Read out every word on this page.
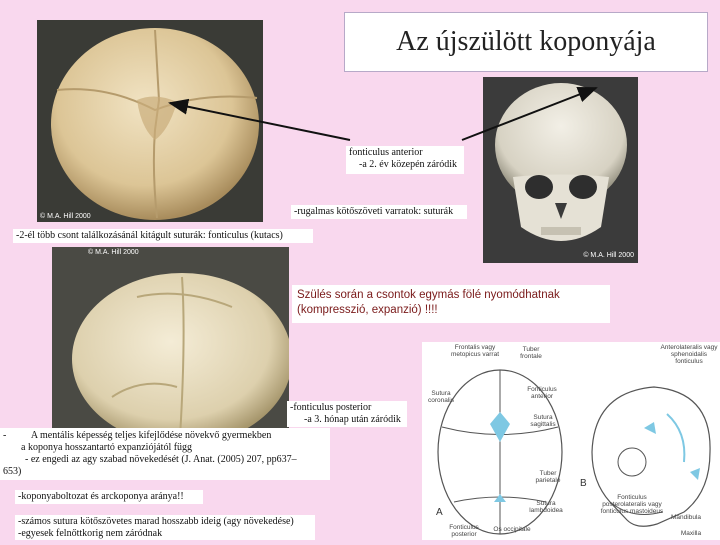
Az újszülött koponyája
© M.A. Hill 2000
© M.A. Hill 2000
© M.A. Hill 2000
fonticulus anterior
-a 2. év közepén záródik
-rugalmas kötőszöveti varratok: suturák
-2-él több csont találkozásánál kitágult suturák: fonticulus (kutacs)
Szülés során a csontok egymás fölé nyomódhatnak
(kompresszió, expanzió) !!!!
-fonticulus posterior
-a 3. hónap után záródik
- A mentális képesség teljes kifejlődése növekvő gyermekben
a koponya hosszantartó expanziójától függ
- ez engedi az agy szabad növekedését (J. Anat. (2005) 207, pp637–
653)
-koponyaboltozat és arckoponya aránya!!
-számos sutura kötőszövetes marad hosszabb ideig (agy növekedése)
-egyesek felnőttkorig nem záródnak
A
B
Frontalis vagy metopicus varrat
Tuber frontale
Sutura coronalis
Fonticulus anterior
Sutura sagittalis
Tuber parietale
Sutura lambdoidea
Fonticulus posterior
Os occipitale
Anterolateralis vagy sphenoidalis fonticulus
Fonticulus posterolateralis vagy fonticulus mastoideus
Mandibula
Maxilla
